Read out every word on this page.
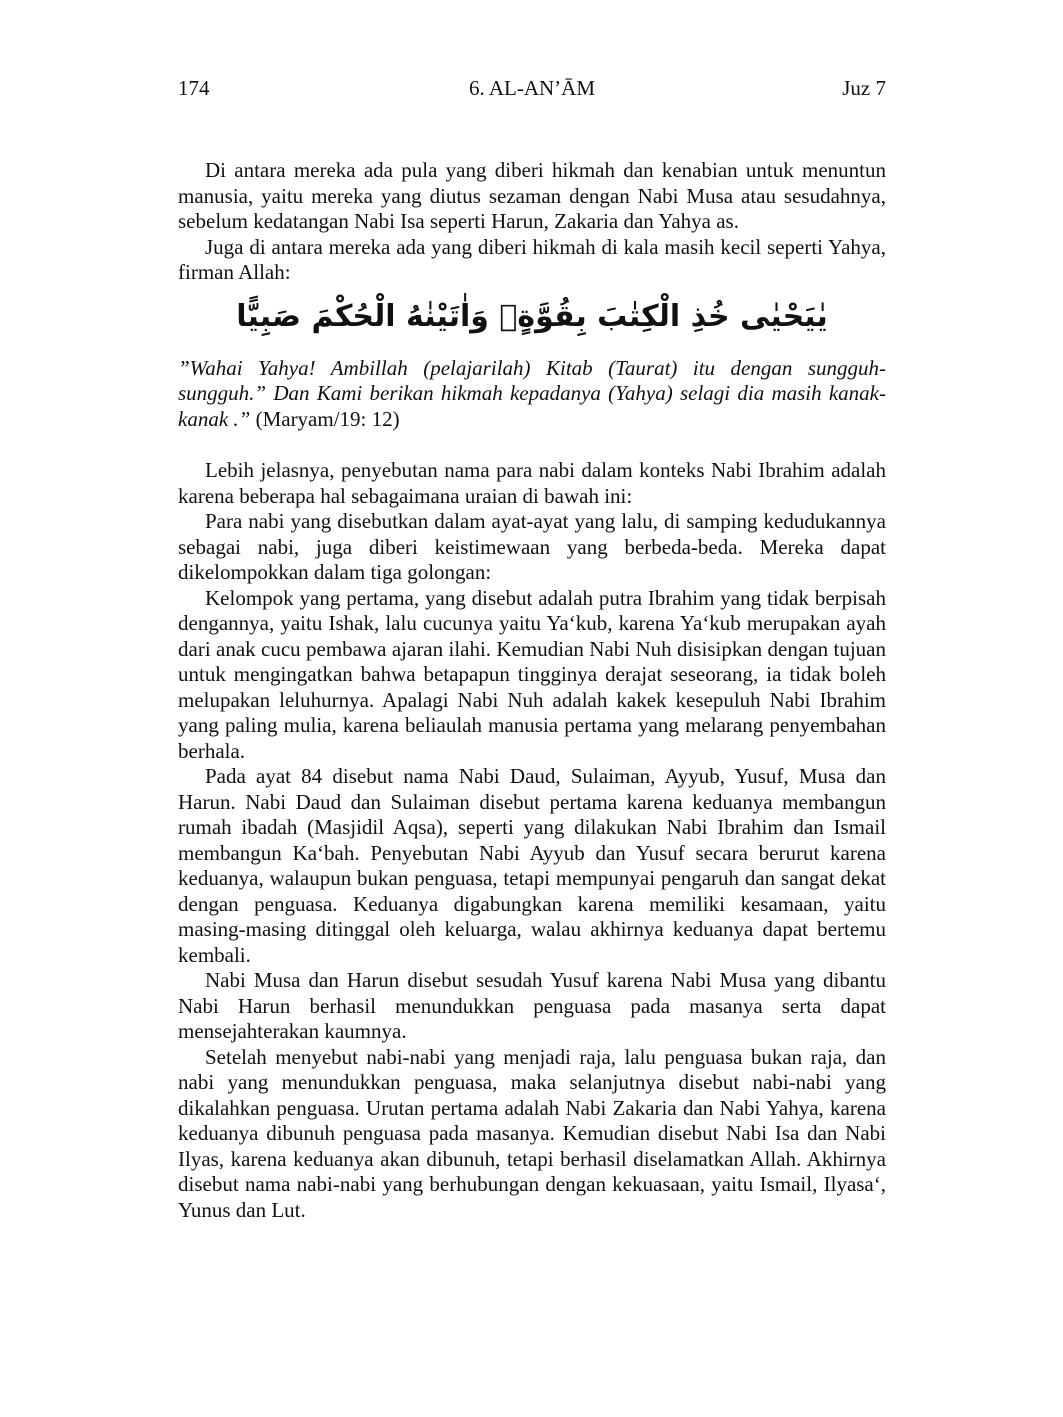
174	6. AL-AN’ĀM	Juz 7

Di antara mereka ada pula yang diberi hikmah dan kenabian untuk menuntun manusia, yaitu mereka yang diutus sezaman dengan Nabi Musa atau sesudahnya, sebelum kedatangan Nabi Isa seperti Harun, Zakaria dan Yahya as.

Juga di antara mereka ada yang diberi hikmah di kala masih kecil seperti Yahya, firman Allah:

يٰيَحْيٰى خُذِ الْكِتٰبَ بِقُوَّةٍۖ وَاٰتَيْنٰهُ الْحُكْمَ صَبِيًّا

”Wahai Yahya! Ambillah (pelajarilah) Kitab (Taurat) itu dengan sungguh-sungguh.” Dan Kami berikan hikmah kepadanya (Yahya) selagi dia masih kanak-kanak .” (Maryam/19: 12)

Lebih jelasnya, penyebutan nama para nabi dalam konteks Nabi Ibrahim adalah karena beberapa hal sebagaimana uraian di bawah ini:

Para nabi yang disebutkan dalam ayat-ayat yang lalu, di samping kedudukannya sebagai nabi, juga diberi keistimewaan yang berbeda-beda. Mereka dapat dikelompokkan dalam tiga golongan:

Kelompok yang pertama, yang disebut adalah putra Ibrahim yang tidak berpisah dengannya, yaitu Ishak, lalu cucunya yaitu Ya‘kub, karena Ya‘kub merupakan ayah dari anak cucu pembawa ajaran ilahi. Kemudian Nabi Nuh disisipkan dengan tujuan untuk mengingatkan bahwa betapapun tingginya derajat seseorang, ia tidak boleh melupakan leluhurnya. Apalagi Nabi Nuh adalah kakek kesepuluh Nabi Ibrahim yang paling mulia, karena beliaulah manusia pertama yang melarang penyembahan berhala.

Pada ayat 84 disebut nama Nabi Daud, Sulaiman, Ayyub, Yusuf, Musa dan Harun. Nabi Daud dan Sulaiman disebut pertama karena keduanya membangun rumah ibadah (Masjidil Aqsa), seperti yang dilakukan Nabi Ibrahim dan Ismail membangun Ka‘bah. Penyebutan Nabi Ayyub dan Yusuf secara berurut karena keduanya, walaupun bukan penguasa, tetapi mempunyai pengaruh dan sangat dekat dengan penguasa. Keduanya digabungkan karena memiliki kesamaan, yaitu masing-masing ditinggal oleh keluarga, walau akhirnya keduanya dapat bertemu kembali.

Nabi Musa dan Harun disebut sesudah Yusuf karena Nabi Musa yang dibantu Nabi Harun berhasil menundukkan penguasa pada masanya serta dapat mensejahterakan kaumnya.

Setelah menyebut nabi-nabi yang menjadi raja, lalu penguasa bukan raja, dan nabi yang menundukkan penguasa, maka selanjutnya disebut nabi-nabi yang dikalahkan penguasa. Urutan pertama adalah Nabi Zakaria dan Nabi Yahya, karena keduanya dibunuh penguasa pada masanya. Kemudian disebut Nabi Isa dan Nabi Ilyas, karena keduanya akan dibunuh, tetapi berhasil diselamatkan Allah. Akhirnya disebut nama nabi-nabi yang berhubungan dengan kekuasaan, yaitu Ismail, Ilyasa‘, Yunus dan Lut.
